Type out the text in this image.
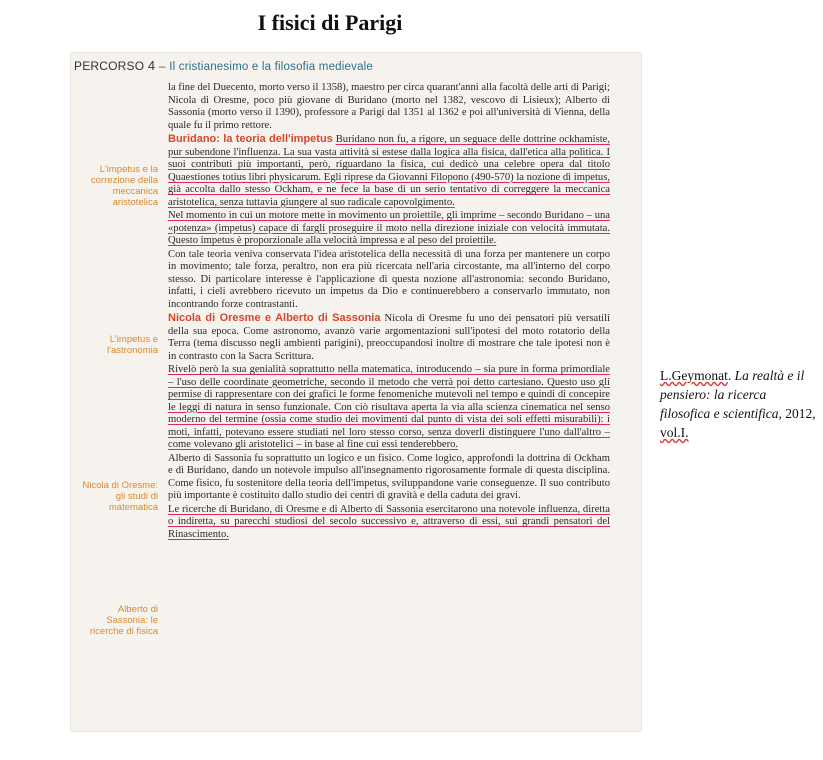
I fisici di Parigi
PERCORSO 4 – Il cristianesimo e la filosofia medievale
L'impetus e la correzione della meccanica aristotelica
L'impetus e l'astronomia
Nicola di Oresme: gli studi di matematica
Alberto di Sassonia: le ricerche di fisica

la fine del Duecento, morto verso il 1358), maestro per circa quarant'anni alla facoltà delle arti di Parigi; Nicola di Oresme, poco più giovane di Buridano (morto nel 1382, vescovo di Lisieux); Alberto di Sassonia (morto verso il 1390), professore a Parigi dal 1351 al 1362 e poi all'università di Vienna, della quale fu il primo rettore.

Buridano: la teoria dell'impetus Buridano non fu, a rigore, un seguace delle dottrine ockhamiste, pur subendone l'influenza. La sua vasta attività si estese dalla logica alla fisica, dall'etica alla politica. I suoi contributi più importanti, però, riguardano la fisica, cui dedicò una celebre opera dal titolo Quaestiones totius libri physicarum. Egli riprese da Giovanni Filopono (490-570) la nozione di impetus, già accolta dallo stesso Ockham, e ne fece la base di un serio tentativo di correggere la meccanica aristotelica, senza tuttavia giungere al suo radicale capovolgimento.

Nel momento in cui un motore mette in movimento un proiettile, gli imprime – secondo Buridano – una «potenza» (impetus) capace di fargli proseguire il moto nella direzione iniziale con velocità immutata. Questo impetus è proporzionale alla velocità impressa e al peso del proiettile.

Con tale teoria veniva conservata l'idea aristotelica della necessità di una forza per mantenere un corpo in movimento; tale forza, peraltro, non era più ricercata nell'aria circostante, ma all'interno del corpo stesso. Di particolare interesse è l'applicazione di questa nozione all'astronomia: secondo Buridano, infatti, i cieli avrebbero ricevuto un impetus da Dio e continuerebbero a conservarlo immutato, non incontrando forze contrastanti.

Nicola di Oresme e Alberto di Sassonia Nicola di Oresme fu uno dei pensatori più versatili della sua epoca. Come astronomo, avanzò varie argomentazioni sull'ipotesi del moto rotatorio della Terra (tema discusso negli ambienti parigini), preoccupandosi inoltre di mostrare che tale ipotesi non è in contrasto con la Sacra Scrittura.

Rivelò però la sua genialità soprattutto nella matematica, introducendo – sia pure in forma primordiale – l'uso delle coordinate geometriche, secondo il metodo che verrà poi detto cartesiano. Questo uso gli permise di rappresentare con dei grafici le forme fenomeniche mutevoli nel tempo e quindi di concepire le leggi di natura in senso funzionale. Con ciò risultava aperta la via alla scienza cinematica nel senso moderno del termine (ossia come studio dei movimenti dal punto di vista dei soli effetti misurabili): i moti, infatti, potevano essere studiati nel loro stesso corso, senza doverli distinguere l'uno dall'altro – come volevano gli aristotelici – in base al fine cui essi tenderebbero.

Alberto di Sassonia fu soprattutto un logico e un fisico. Come logico, approfondì la dottrina di Ockham e di Buridano, dando un notevole impulso all'insegnamento rigorosamente formale di questa disciplina. Come fisico, fu sostenitore della teoria dell'impetus, sviluppandone varie conseguenze. Il suo contributo più importante è costituito dallo studio dei centri di gravità e della caduta dei gravi.

Le ricerche di Buridano, di Oresme e di Alberto di Sassonia esercitarono una notevole influenza, diretta o indiretta, su parecchi studiosi del secolo successivo e, attraverso di essi, sui grandi pensatori del Rinascimento.

L.Geymonat. La realtà e il pensiero: la ricerca filosofica e scientifica, 2012, vol.I.
